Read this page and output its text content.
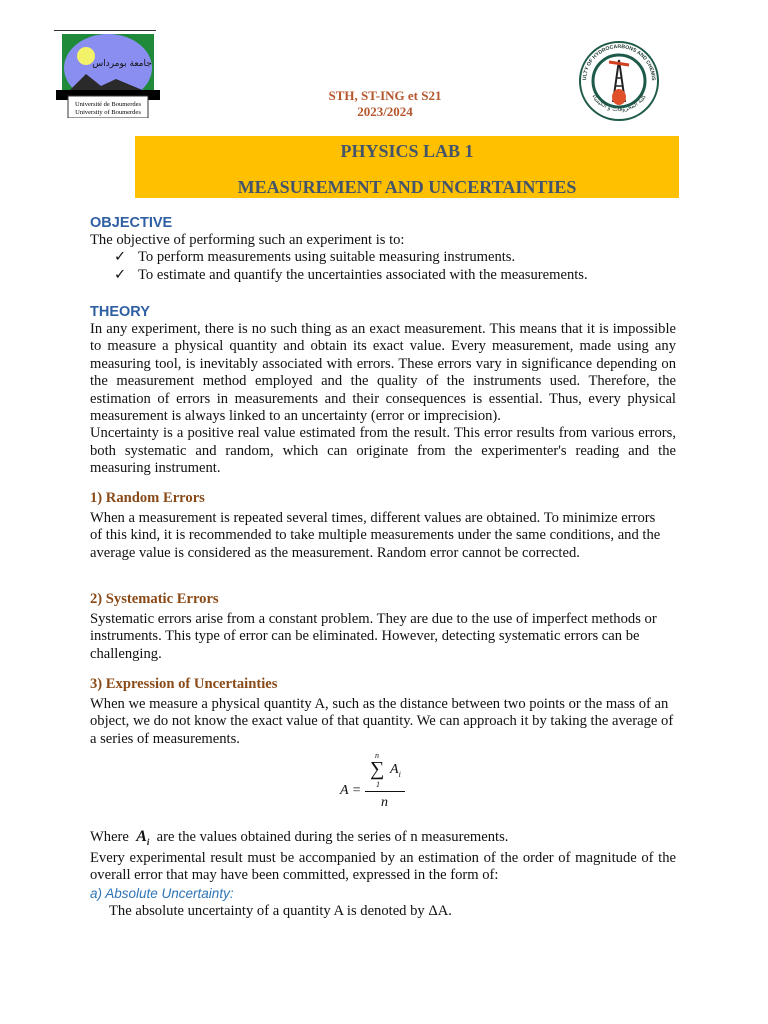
جامعة بومرداس
Université de Boumerdes
University of Boumerdes
ULTY OF HYDROCARBONS AND CHEMIS
كلية المحروقات و الكيمياء
STH, ST-ING et S21
2023/2024
PHYSICS LAB 1
MEASUREMENT AND UNCERTAINTIES
OBJECTIVE

The objective of performing such an experiment is to:

✓ To perform measurements using suitable measuring instruments.
✓ To estimate and quantify the uncertainties associated with the measurements.
THEORY

In any experiment, there is no such thing as an exact measurement. This means that it is impossible to measure a physical quantity and obtain its exact value. Every measurement, made using any measuring tool, is inevitably associated with errors. These errors vary in significance depending on the measurement method employed and the quality of the instruments used. Therefore, the estimation of errors in measurements and their consequences is essential. Thus, every physical measurement is always linked to an uncertainty (error or imprecision).

Uncertainty is a positive real value estimated from the result. This error results from various errors, both systematic and random, which can originate from the experimenter's reading and the measuring instrument.

1) Random Errors

When a measurement is repeated several times, different values are obtained. To minimize errors of this kind, it is recommended to take multiple measurements under the same conditions, and the average value is considered as the measurement. Random error cannot be corrected.

2) Systematic Errors

Systematic errors arise from a constant problem. They are due to the use of imperfect methods or instruments. This type of error can be eliminated. However, detecting systematic errors can be challenging.

3) Expression of Uncertainties

When we measure a physical quantity A, such as the distance between two points or the mass of an object, we do not know the exact value of that quantity. We can approach it by taking the average of a series of measurements.

A =
n
∑
1
$A_i$
n
Where $A_i$ are the values obtained during the series of n measurements.
Every experimental result must be accompanied by an estimation of the order of magnitude of the overall error that may have been committed, expressed in the form of:
a) Absolute Uncertainty:
The absolute uncertainty of a quantity A is denoted by ΔA.
